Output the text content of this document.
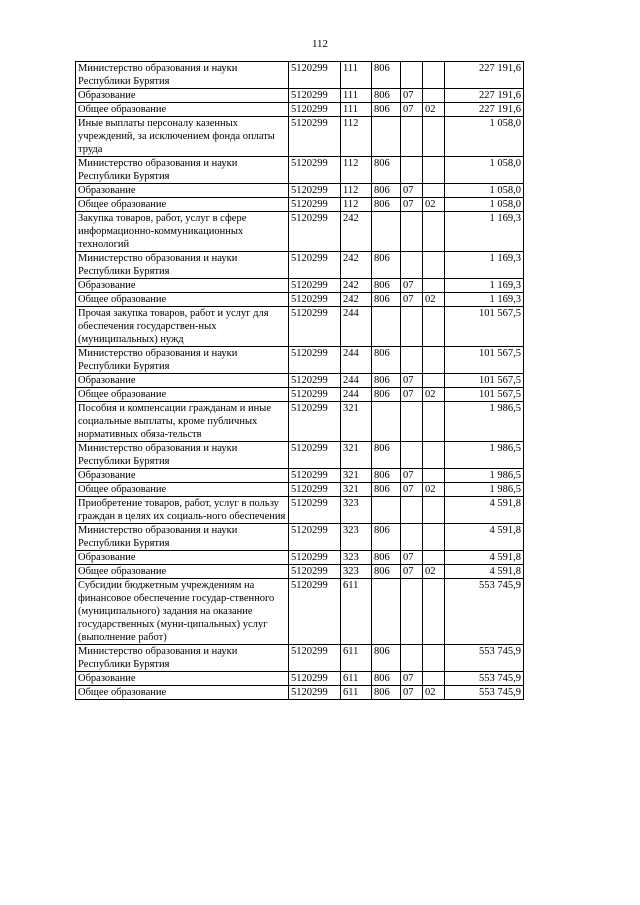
112
Министерство образования и науки Республики Бурятия	5120299	111	806			227 191,6
Образование	5120299	111	806	07		227 191,6
Общее образование	5120299	111	806	07	02	227 191,6
Иные выплаты персоналу казенных учреждений, за исключением фонда оплаты труда	5120299	112				1 058,0
Министерство образования и науки Республики Бурятия	5120299	112	806			1 058,0
Образование	5120299	112	806	07		1 058,0
Общее образование	5120299	112	806	07	02	1 058,0
Закупка товаров, работ, услуг в сфере информационно-коммуникационных технологий	5120299	242				1 169,3
Министерство образования и науки Республики Бурятия	5120299	242	806			1 169,3
Образование	5120299	242	806	07		1 169,3
Общее образование	5120299	242	806	07	02	1 169,3
Прочая закупка товаров, работ и услуг для обеспечения государствен-ных (муниципальных) нужд	5120299	244				101 567,5
Министерство образования и науки Республики Бурятия	5120299	244	806			101 567,5
Образование	5120299	244	806	07		101 567,5
Общее образование	5120299	244	806	07	02	101 567,5
Пособия и компенсации гражданам и иные социальные выплаты, кроме публичных нормативных обяза-тельств	5120299	321				1 986,5
Министерство образования и науки Республики Бурятия	5120299	321	806			1 986,5
Образование	5120299	321	806	07		1 986,5
Общее образование	5120299	321	806	07	02	1 986,5
Приобретение товаров, работ, услуг в пользу граждан в целях их социаль-ного обеспечения	5120299	323				4 591,8
Министерство образования и науки Республики Бурятия	5120299	323	806			4 591,8
Образование	5120299	323	806	07		4 591,8
Общее образование	5120299	323	806	07	02	4 591,8
Субсидии бюджетным учреждениям на финансовое обеспечение государ-ственного (муниципального) задания на оказание государственных (муни-ципальных) услуг (выполнение работ)	5120299	611				553 745,9
Министерство образования и науки Республики Бурятия	5120299	611	806			553 745,9
Образование	5120299	611	806	07		553 745,9
Общее образование	5120299	611	806	07	02	553 745,9
